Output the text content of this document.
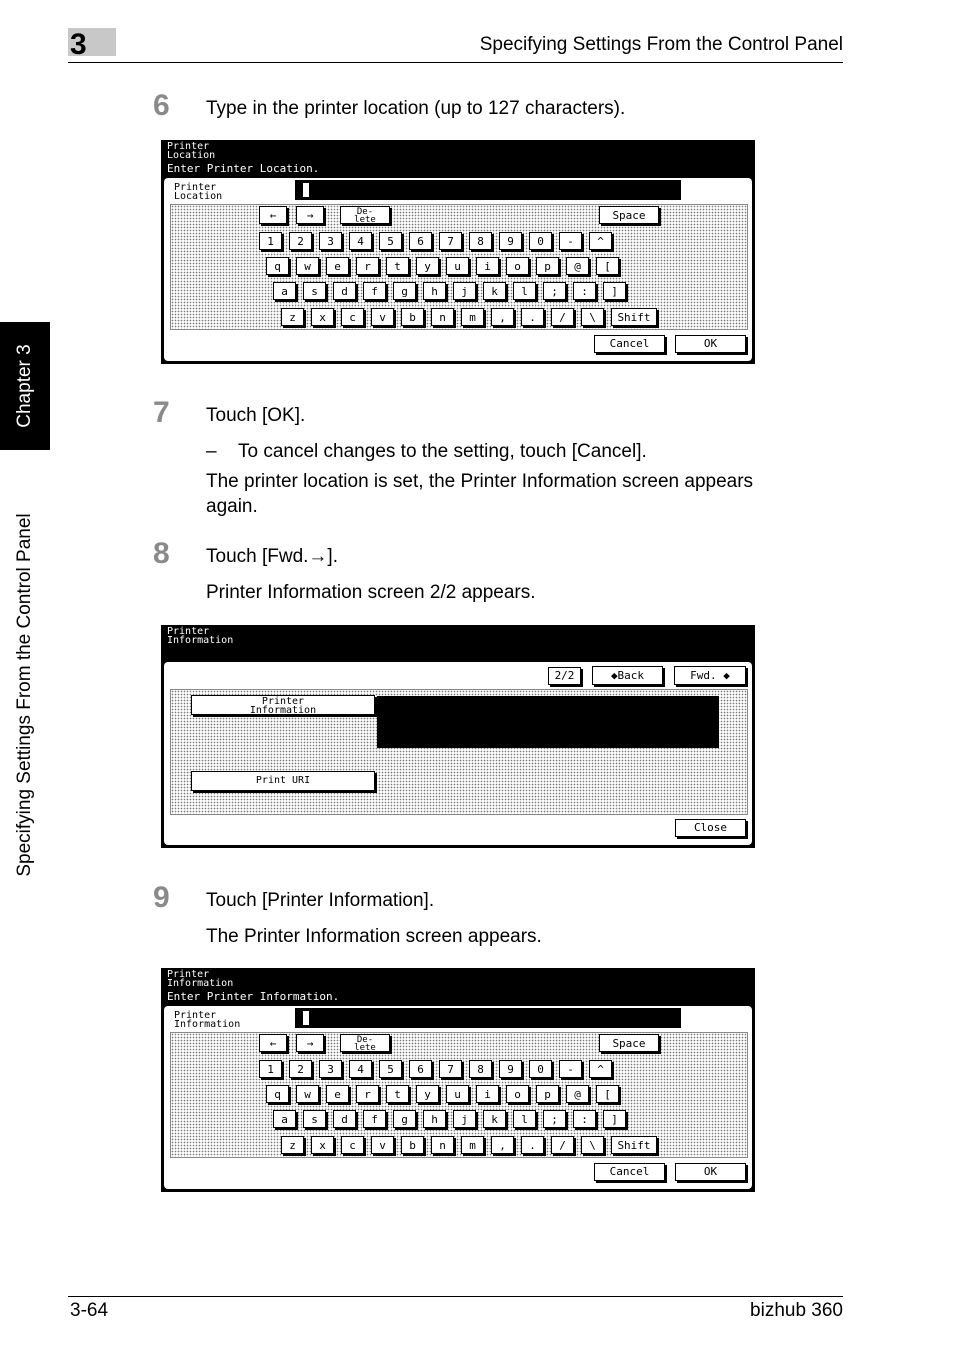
3	Specifying Settings From the Control Panel
Chapter 3
Specifying Settings From the Control Panel
6 Type in the printer location (up to 127 characters).
Printer
Location
Enter Printer Location.
Printer
Location
Cancel	OK
←	→	De-
lete	Space
1	2	3	4	5	6	7	8	9	0	-	^
q	w	e	r	t	y	u	i	o	p	@	[
a	s	d	f	g	h	j	k	l	;	:	]
z	x	c	v	b	n	m	,	.	/	\	Shift
7 Touch [OK].
– To cancel changes to the setting, touch [Cancel].
The printer location is set, the Printer Information screen appears again.
8 Touch [Fwd.→].
Printer Information screen 2/2 appears.
Printer
Information
2/2	◆Back	Fwd. ◆
Printer
Information
Print URI
Close
9 Touch [Printer Information].
The Printer Information screen appears.
Printer
Information
Enter Printer Information.
Printer
Information
Cancel	OK
←	→	De-
lete	Space
1	2	3	4	5	6	7	8	9	0	-	^
q	w	e	r	t	y	u	i	o	p	@	[
a	s	d	f	g	h	j	k	l	;	:	]
z	x	c	v	b	n	m	,	.	/	\	Shift
3-64	bizhub 360
